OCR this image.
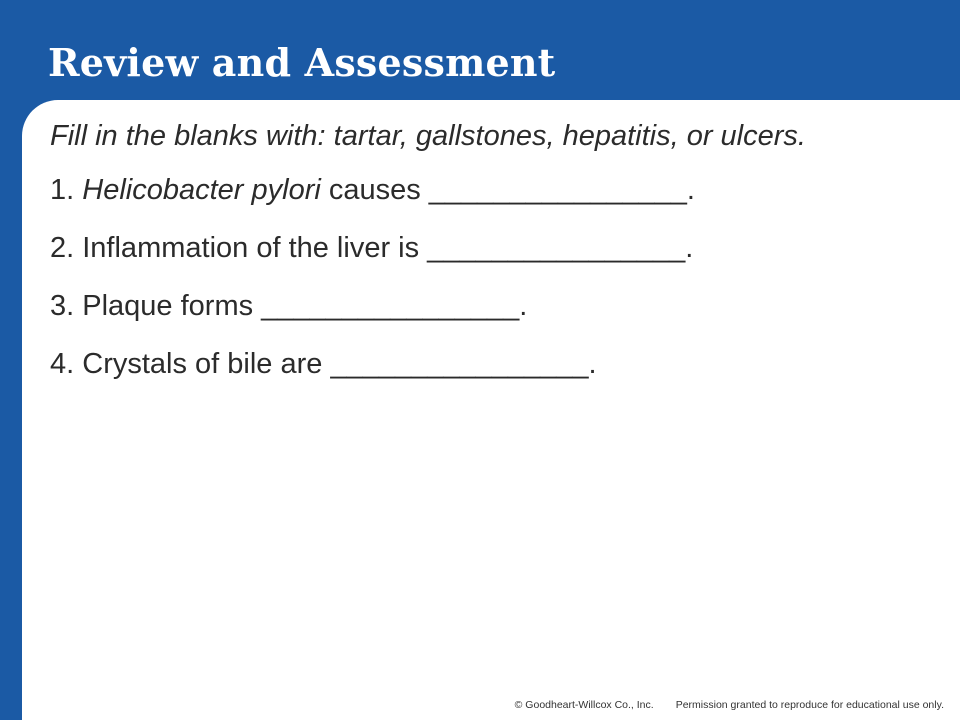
Review and Assessment

Fill in the blanks with: tartar, gallstones, hepatitis, or ulcers.

1. Helicobacter pylori causes ________________.

2. Inflammation of the liver is ________________.

3. Plaque forms ________________.

4. Crystals of bile are ________________.

© Goodheart-Willcox Co., Inc. Permission granted to reproduce for educational use only.
